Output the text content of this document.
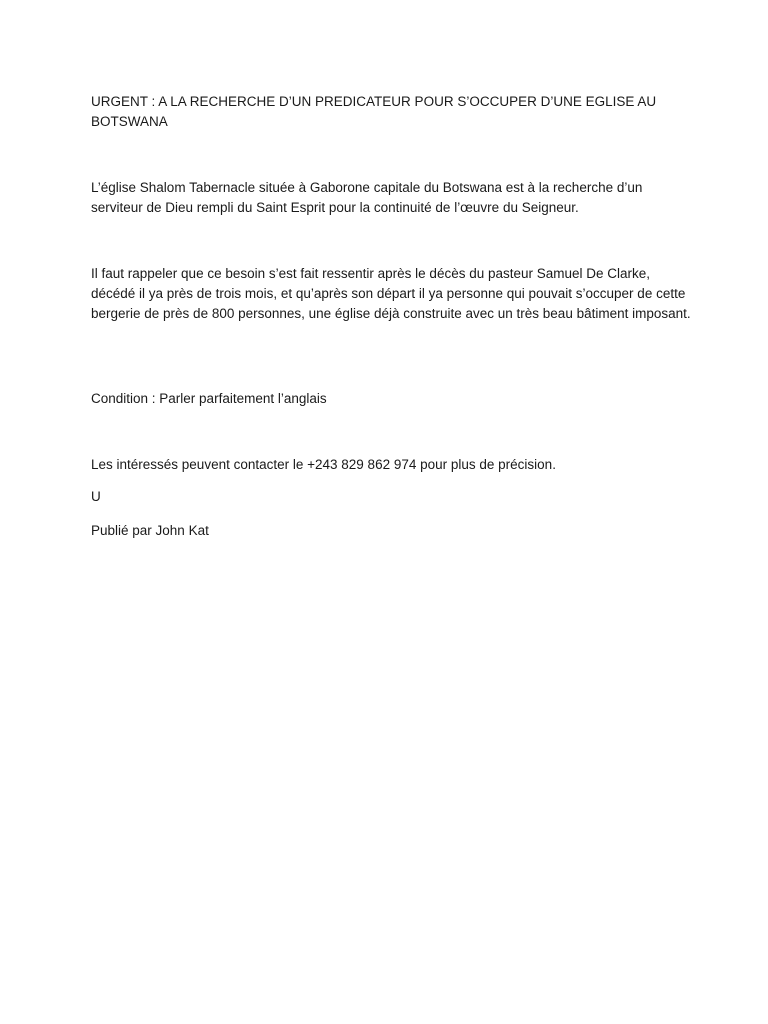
URGENT : A LA RECHERCHE D’UN PREDICATEUR POUR S’OCCUPER D’UNE EGLISE AU BOTSWANA

L’église Shalom Tabernacle située à Gaborone capitale du Botswana est à la recherche d’un serviteur de Dieu rempli du Saint Esprit pour la continuité de l’œuvre du Seigneur.

Il faut rappeler que ce besoin s’est fait ressentir après le décès du pasteur Samuel De Clarke, décédé il ya près de trois mois, et qu’après son départ il ya personne qui pouvait s’occuper de cette bergerie de près de 800 personnes, une église déjà construite avec un très beau bâtiment imposant.

Condition : Parler parfaitement l’anglais

Les intéressés peuvent contacter le +243 829 862 974 pour plus de précision.

U

Publié par John Kat
